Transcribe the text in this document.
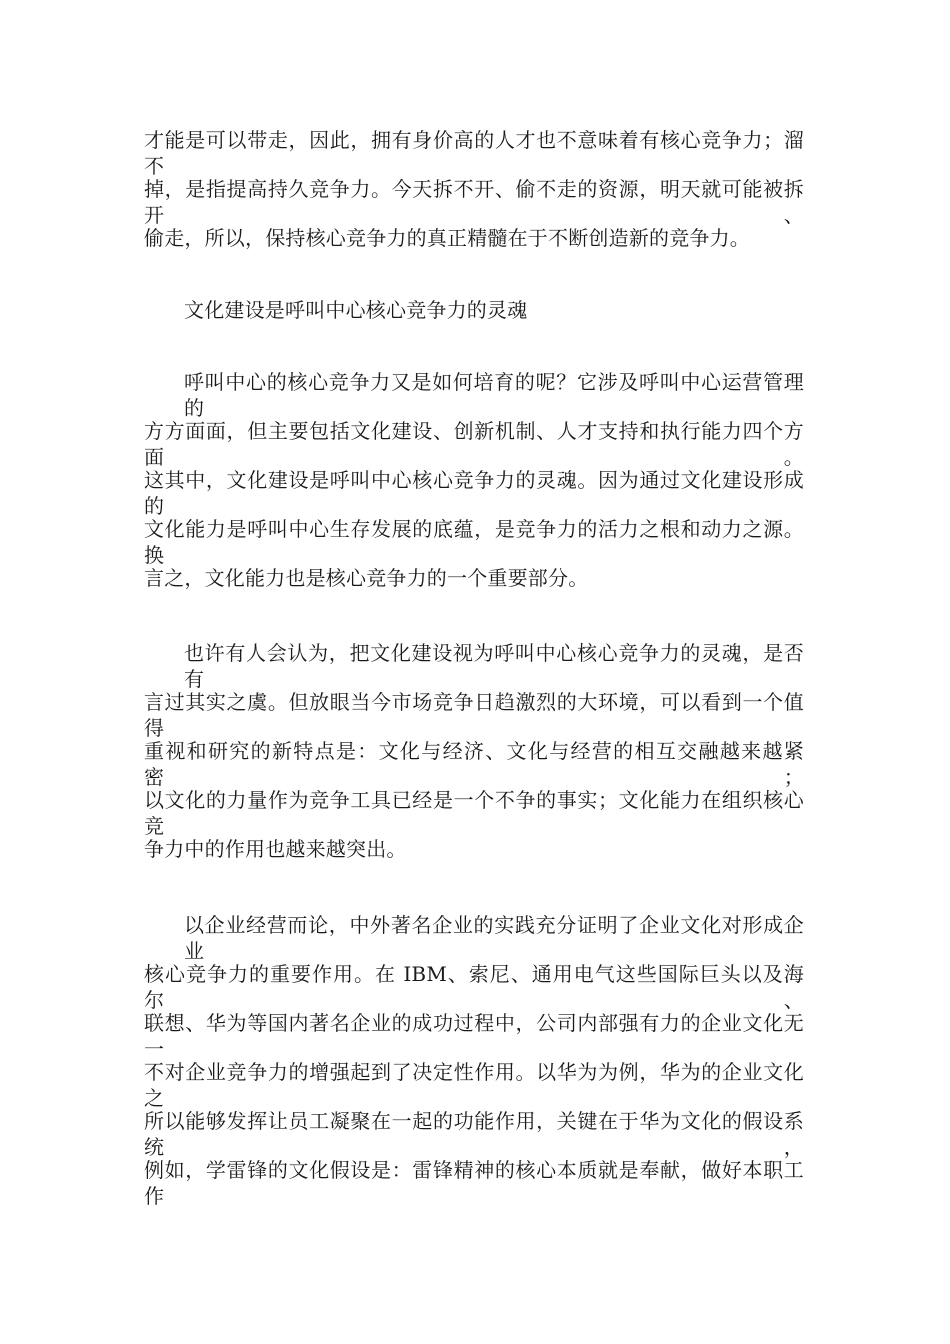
才能是可以带走，因此，拥有身价高的人才也不意味着有核心竞争力；溜不

掉，是指提高持久竞争力。今天拆不开、偷不走的资源，明天就可能被拆开、

偷走，所以，保持核心竞争力的真正精髓在于不断创造新的竞争力。

文化建设是呼叫中心核心竞争力的灵魂

呼叫中心的核心竞争力又是如何培育的呢？它涉及呼叫中心运营管理的

方方面面，但主要包括文化建设、创新机制、人才支持和执行能力四个方面。

这其中，文化建设是呼叫中心核心竞争力的灵魂。因为通过文化建设形成的

文化能力是呼叫中心生存发展的底蕴，是竞争力的活力之根和动力之源。换

言之，文化能力也是核心竞争力的一个重要部分。

也许有人会认为，把文化建设视为呼叫中心核心竞争力的灵魂，是否有

言过其实之虞。但放眼当今市场竞争日趋激烈的大环境，可以看到一个值得

重视和研究的新特点是：文化与经济、文化与经营的相互交融越来越紧密；

以文化的力量作为竞争工具已经是一个不争的事实；文化能力在组织核心竞

争力中的作用也越来越突出。

以企业经营而论，中外著名企业的实践充分证明了企业文化对形成企业

核心竞争力的重要作用。在 IBM、索尼、通用电气这些国际巨头以及海尔、

联想、华为等国内著名企业的成功过程中，公司内部强有力的企业文化无一

不对企业竞争力的增强起到了决定性作用。以华为为例，华为的企业文化之

所以能够发挥让员工凝聚在一起的功能作用，关键在于华为文化的假设系统，

例如，学雷锋的文化假设是：雷锋精神的核心本质就是奉献，做好本职工作
